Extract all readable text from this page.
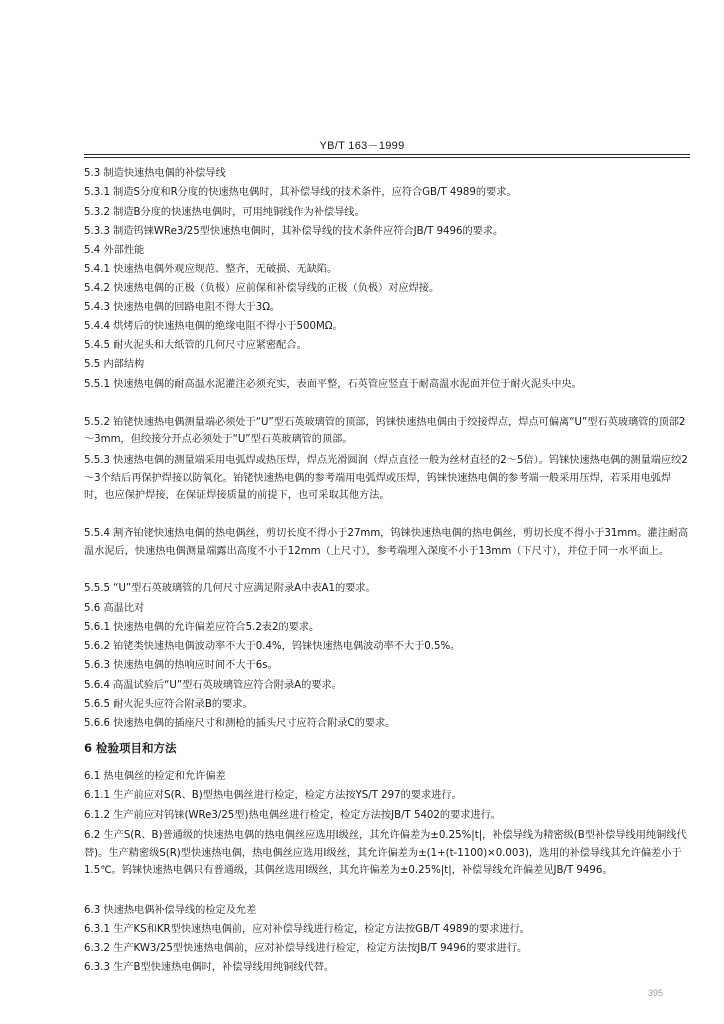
YB/T 163－1999
5.3 制造快速热电偶的补偿导线
5.3.1 制造S分度和R分度的快速热电偶时，其补偿导线的技术条件，应符合GB/T 4989的要求。
5.3.2 制造B分度的快速热电偶时，可用纯铜线作为补偿导线。
5.3.3 制造钨铼WRe3/25型快速热电偶时，其补偿导线的技术条件应符合JB/T 9496的要求。
5.4 外部性能
5.4.1 快速热电偶外观应规范、整齐，无破损、无缺陷。
5.4.2 快速热电偶的正极（负极）应前保和补偿导线的正极（负极）对应焊接。
5.4.3 快速热电偶的回路电阻不得大于3Ω。
5.4.4 烘烤后的快速热电偶的绝缘电阻不得小于500MΩ。
5.4.5 耐火泥头和大纸管的几何尺寸应紧密配合。
5.5 内部结构
5.5.1 快速热电偶的耐高温水泥灌注必须充实，表面平整，石英管应竖直于耐高温水泥面并位于耐火泥头中央。
5.5.2 铂铑快速热电偶测量端必须处于“U”型石英玻璃管的顶部，钨铼快速热电偶由于绞接焊点，焊点可偏离“U”型石英玻璃管的顶部2～3mm，但绞接分开点必须处于“U”型石英玻璃管的顶部。
5.5.3 快速热电偶的测量端采用电弧焊或热压焊，焊点光滑圆润（焊点直径一般为丝材直径的2～5倍）。钨铼快速热电偶的测量端应绞2～3个结后再保护焊接以防氧化。铂铑快速热电偶的参考端用电弧焊或压焊，钨铼快速热电偶的参考端一般采用压焊，若采用电弧焊时，也应保护焊接，在保证焊接质量的前提下，也可采取其他方法。
5.5.4 割齐铂铑快速热电偶的热电偶丝，剪切长度不得小于27mm，钨铼快速热电偶的热电偶丝，剪切长度不得小于31mm。灌注耐高温水泥后，快速热电偶测量端露出高度不小于12mm（上尺寸），参考端埋入深度不小于13mm（下尺寸），并位于同一水平面上。
5.5.5 “U”型石英玻璃管的几何尺寸应满足附录A中表A1的要求。
5.6 高温比对
5.6.1 快速热电偶的允许偏差应符合5.2表2的要求。
5.6.2 铂铑类快速热电偶波动率不大于0.4%，钨铼快速热电偶波动率不大于0.5%。
5.6.3 快速热电偶的热响应时间不大于6s。
5.6.4 高温试验后“U”型石英玻璃管应符合附录A的要求。
5.6.5 耐火泥头应符合附录B的要求。
5.6.6 快速热电偶的插座尺寸和测枪的插头尺寸应符合附录C的要求。
6 检验项目和方法
6.1 热电偶丝的检定和允许偏差
6.1.1 生产前应对S(R、B)型热电偶丝进行检定，检定方法按YS/T 297的要求进行。
6.1.2 生产前应对钨铼(WRe3/25型)热电偶丝进行检定，检定方法按JB/T 5402的要求进行。
6.2 生产S(R、B)普通级的快速热电偶的热电偶丝应选用Ⅰ级丝，其允许偏差为±0.25%|t|，补偿导线为精密级(B型补偿导线用纯铜线代替)。生产精密级S(R)型快速热电偶，热电偶丝应选用Ⅰ级丝，其允许偏差为±(1+(t-1100)×0.003)，选用的补偿导线其允许偏差小于1.5℃。钨铼快速热电偶只有普通级，其偶丝选用Ⅰ级丝，其允许偏差为±0.25%|t|，补偿导线允许偏差见JB/T 9496。
6.3 快速热电偶补偿导线的检定及允差
6.3.1 生产KS和KR型快速热电偶前，应对补偿导线进行检定，检定方法按GB/T 4989的要求进行。
6.3.2 生产KW3/25型快速热电偶前，应对补偿导线进行检定，检定方法按JB/T 9496的要求进行。
6.3.3 生产B型快速热电偶时，补偿导线用纯铜线代替。
395
